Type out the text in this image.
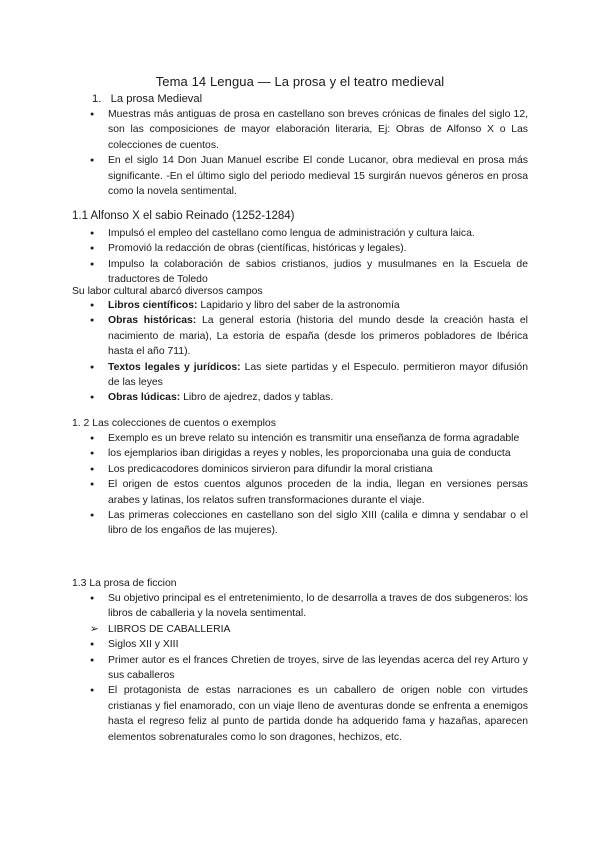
Tema 14 Lengua — La prosa y el teatro medieval
1. La prosa Medieval
●
Muestras más antiguas de prosa en castellano son breves crónicas de finales del siglo 12, son las composiciones de mayor elaboración literaria, Ej: Obras de Alfonso X o Las colecciones de cuentos.
●
En el siglo 14 Don Juan Manuel escribe El conde Lucanor, obra medieval en prosa más significante. -En el último siglo del periodo medieval 15 surgirán nuevos géneros en prosa como la novela sentimental.
1.1 Alfonso X el sabio Reinado (1252-1284)
●
Impulsó el empleo del castellano como lengua de administración y cultura laica.
●
Promovió la redacción de obras (científicas, históricas y legales).
●
Impulso la colaboración de sabios cristianos, judios y musulmanes en la Escuela de traductores de Toledo
Su labor cultural abarcó diversos campos
●
Libros científicos: Lapidario y libro del saber de la astronomía
●
Obras históricas: La general estoria (historia del mundo desde la creación hasta el nacimiento de maria), La estoria de españa (desde los primeros pobladores de Ibérica hasta el año 711).
●
Textos legales y jurídicos: Las siete partidas y el Especulo. permitieron mayor difusión de las leyes
●
Obras lúdicas: Libro de ajedrez, dados y tablas.
1. 2 Las colecciones de cuentos o exemplos
●
Exemplo es un breve relato su intención es transmitir una enseñanza de forma agradable
●
los ejemplarios iban dirigidas a reyes y nobles, les proporcionaba una guia de conducta
●
Los predicacodores dominicos sirvieron para difundir la moral cristiana
●
El origen de estos cuentos algunos proceden de la india, llegan en versiones persas arabes y latinas, los relatos sufren transformaciones durante el viaje.
●
Las primeras colecciones en castellano son del siglo XIII (calila e dimna y sendabar o el libro de los engaños de las mujeres).
1.3 La prosa de ficcion
●
Su objetivo principal es el entretenimiento, lo de desarrolla a traves de dos subgeneros: los libros de caballeria y la novela sentimental.
➢ LIBROS DE CABALLERIA
●
Siglos XII y XIII
●
Primer autor es el frances Chretien de troyes, sirve de las leyendas acerca del rey Arturo y sus caballeros
●
El protagonista de estas narraciones es un caballero de origen noble con virtudes cristianas y fiel enamorado, con un viaje lleno de aventuras donde se enfrenta a enemigos hasta el regreso feliz al punto de partida donde ha adquerido fama y hazañas, aparecen elementos sobrenaturales como lo son dragones, hechizos, etc.
